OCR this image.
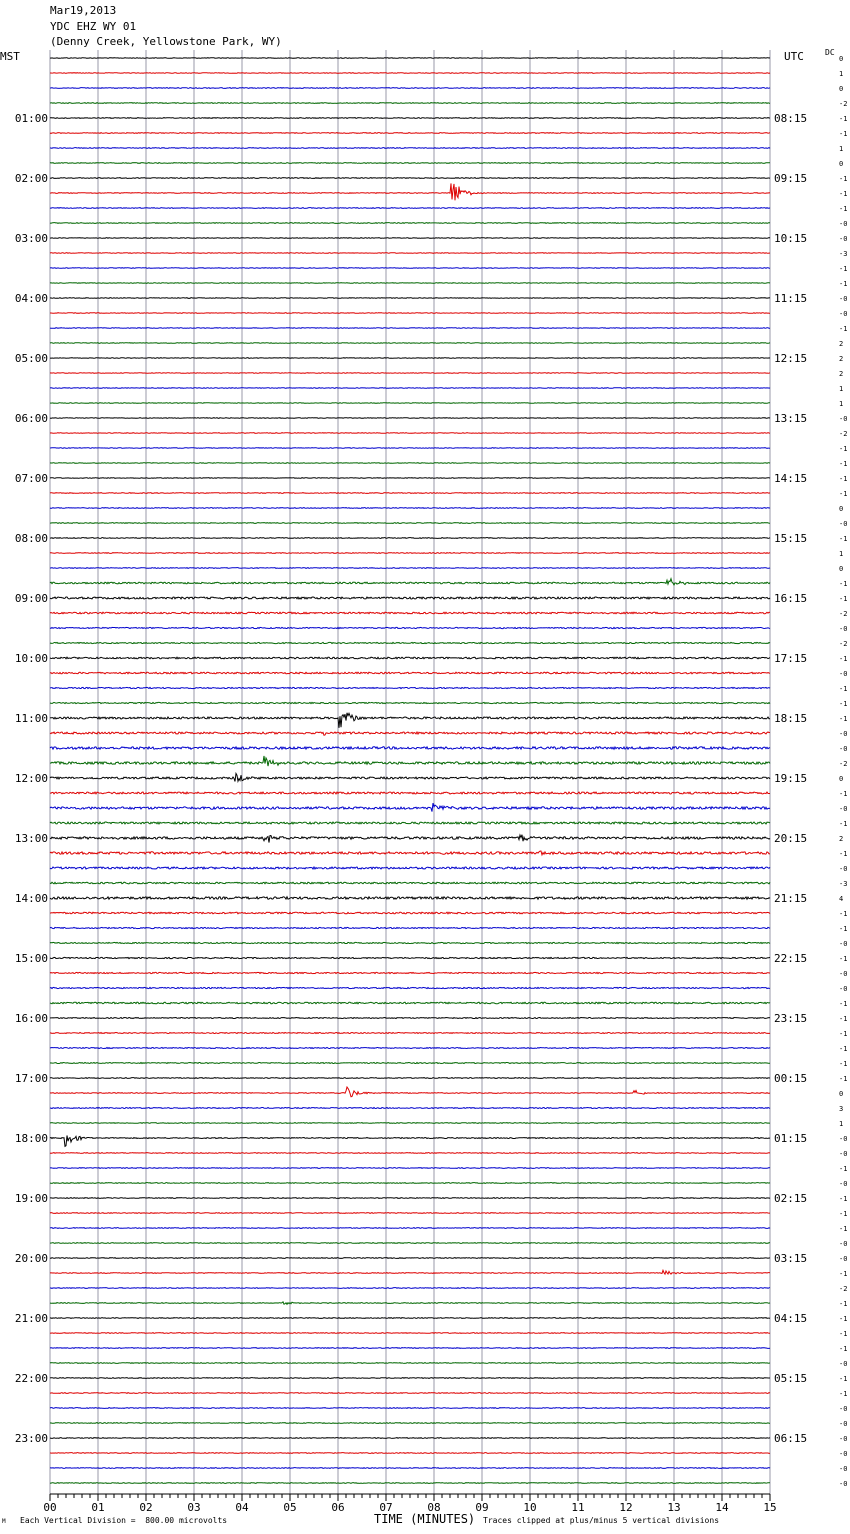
Mar19,2013
YDC EHZ WY 01
(Denny Creek, Yellowstone Park, WY)
MST	UTC	DC
0
1
0
-2
-1
-1
1
0
-1
-1
-1
-0
-0
-3
-1
-1
-0
-0
-1
2
2
2
1
1
-0
-2
-1
-1
-1
-1
0
-0
-1
1
0
-1
-1
-2
-0
-2
-1
-0
-1
-1
-1
-0
-0
-2
0
-1
-0
-1
2
-1
-0
-3
4
-1
-1
-0
-1
-0
-0
-1
-1
-1
-1
-1
-1
0
3
1
-0
-0
-1
-0
-1
-1
-1
-0
-0
-1
-2
-1
-1
-1
-1
-0
-1
-1
-0
-0
-0
-0
-0
-0
01:00	08:15
02:00	09:15
03:00	10:15
04:00	11:15
05:00	12:15
06:00	13:15
07:00	14:15
08:00	15:15
09:00	16:15
10:00	17:15
11:00	18:15
12:00	19:15
13:00	20:15
14:00	21:15
15:00	22:15
16:00	23:15
17:00	00:15
18:00	01:15
19:00	02:15
20:00	03:15
21:00	04:15
22:00	05:15
23:00	06:15
00	01	02	03	04	05	06	07	08	09	10	11	12	13	14	15
TIME (MINUTES)
Each Vertical Division =  800.00 microvolts	Traces clipped at plus/minus 5 vertical divisions
M
